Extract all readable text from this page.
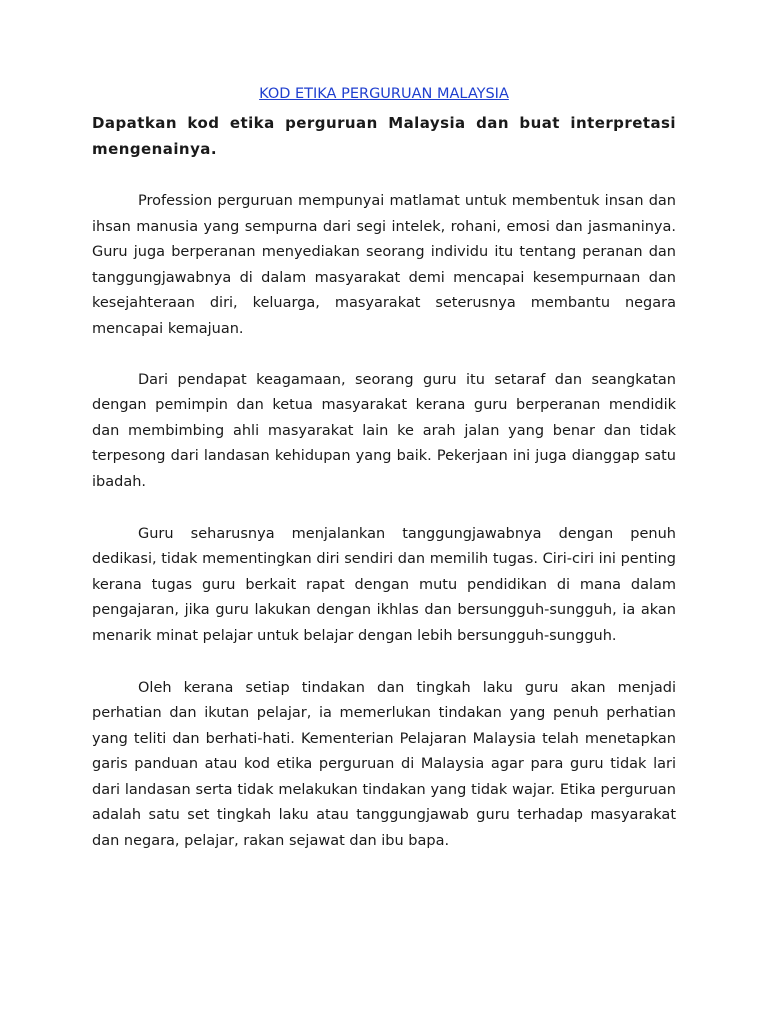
KOD ETIKA PERGURUAN MALAYSIA

Dapatkan kod etika perguruan Malaysia dan buat interpretasi mengenainya.

Profession perguruan mempunyai matlamat untuk membentuk insan dan ihsan manusia yang sempurna dari segi intelek, rohani, emosi dan jasmaninya. Guru juga berperanan menyediakan seorang individu itu tentang peranan dan tanggungjawabnya di dalam masyarakat demi mencapai kesempurnaan dan kesejahteraan diri, keluarga, masyarakat seterusnya membantu negara mencapai kemajuan.

Dari pendapat keagamaan, seorang guru itu setaraf dan seangkatan dengan pemimpin dan ketua masyarakat kerana guru berperanan mendidik dan membimbing ahli masyarakat lain ke arah jalan yang benar dan tidak terpesong dari landasan kehidupan yang baik. Pekerjaan ini juga dianggap satu ibadah.

Guru seharusnya menjalankan tanggungjawabnya dengan penuh dedikasi, tidak mementingkan diri sendiri dan memilih tugas. Ciri-ciri ini penting kerana tugas guru berkait rapat dengan mutu pendidikan di mana dalam pengajaran, jika guru lakukan dengan ikhlas dan bersungguh-sungguh, ia akan menarik minat pelajar untuk belajar dengan lebih bersungguh-sungguh.

Oleh kerana setiap tindakan dan tingkah laku guru akan menjadi perhatian dan ikutan pelajar, ia memerlukan tindakan yang penuh perhatian yang teliti dan berhati-hati. Kementerian Pelajaran Malaysia telah menetapkan garis panduan atau kod etika perguruan di Malaysia agar para guru tidak lari dari landasan serta tidak melakukan tindakan yang tidak wajar. Etika perguruan adalah satu set tingkah laku atau tanggungjawab guru terhadap masyarakat dan negara, pelajar, rakan sejawat dan ibu bapa.
